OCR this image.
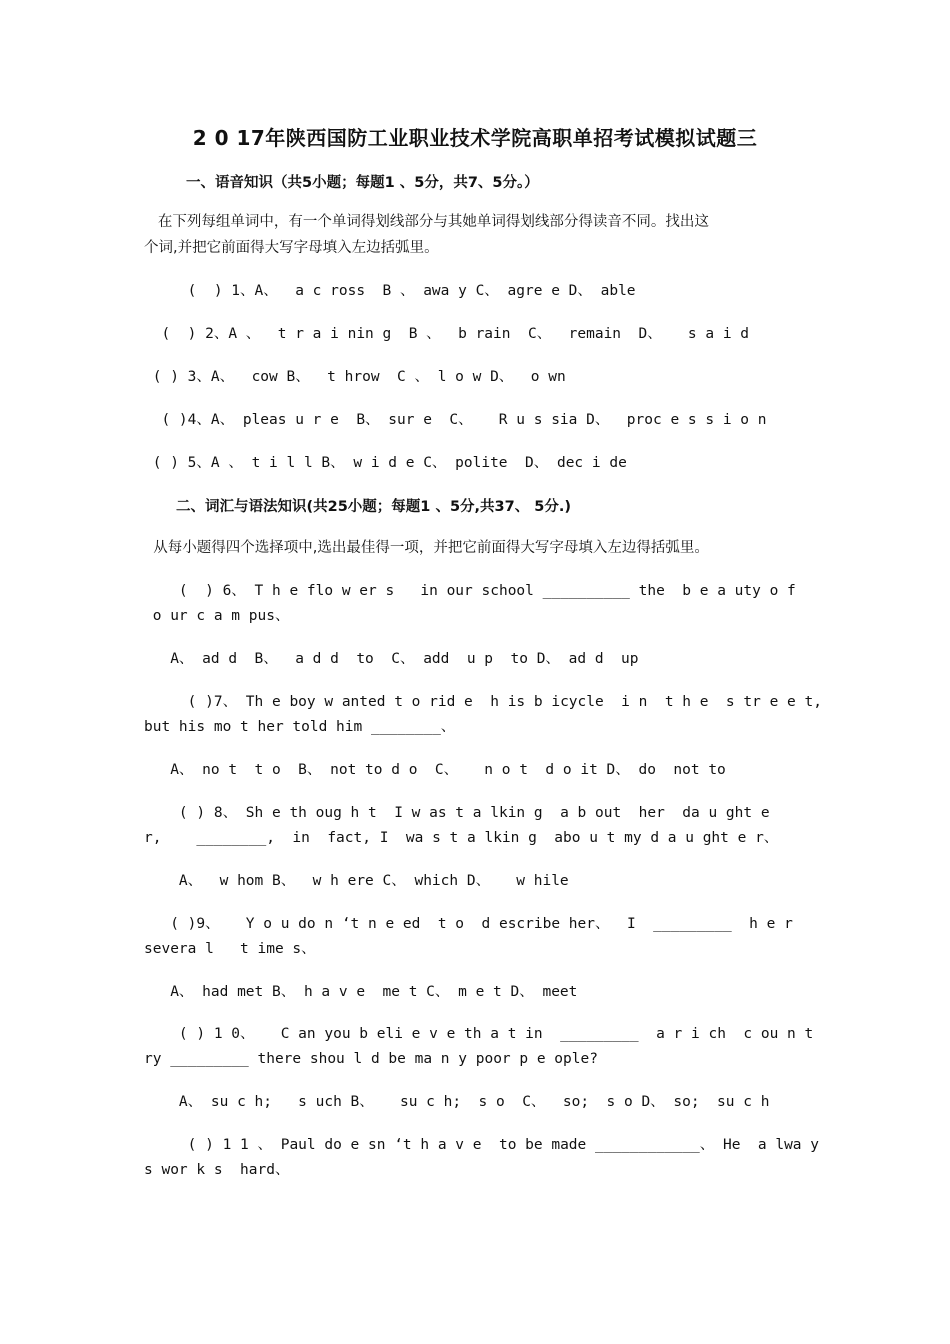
2 0 17年陕西国防工业职业技术学院高职单招考试模拟试题三
一、语音知识（共5小题；每题1 、5分，共7、5分。）
在下列每组单词中，有一个单词得划线部分与其她单词得划线部分得读音不同。找出这
个词,并把它前面得大写字母填入左边括弧里。
(  ) 1、A、  a c ross  B 、 awa y C、 agre e D、 able
(  ) 2、A 、  t r a i nin g  B 、  b rain  C、  remain  D、   s a i d
( ) 3、A、  cow B、  t hrow  C 、 l o w D、  o wn
( )4、A、 pleas u r e  B、 sur e  C、   R u s sia D、  proc e s s i o n
( ) 5、A 、 t i l l B、 w i d e C、 polite  D、 dec i de
二、词汇与语法知识(共25小题；每题1 、5分,共37、 5分.)
从每小题得四个选择项中,选出最佳得一项，并把它前面得大写字母填入左边得括弧里。
(  ) 6、 T h e flo w er s   in our school __________ the  b e a uty o f
o ur c a m pus、
A、 ad d  B、  a d d  to  C、 add  u p  to D、 ad d  up
( )7、 Th e boy w anted t o rid e  h is b icycle  i n  t h e  s tr e e t,
but his mo t her told him ________、
A、 no t  t o  B、 not to d o  C、   n o t  d o it D、 do  not to
( ) 8、 Sh e th oug h t  I w as t a lkin g  a b out  her  da u ght e
r,    ________,  in  fact, I  wa s t a lkin g  abo u t my d a u ght e r、
A、  w hom B、  w h ere C、 which D、   w hile
( )9、   Y o u do n ‘t n e ed  t o  d escribe her、  I  _________  h e r
severa l   t ime s、
A、 had met B、 h a v e  me t C、 m e t D、 meet
( ) 1 0、   C an you b eli e v e th a t in  _________  a r i ch  c ou n t
ry _________ there shou l d be ma n y poor p e ople?
A、 su c h;   s uch B、   su c h;  s o  C、  so;  s o D、 so;  su c h
( ) 1 1 、 Paul do e sn ‘t h a v e  to be made ____________、 He  a lwa y
s wor k s  hard、
